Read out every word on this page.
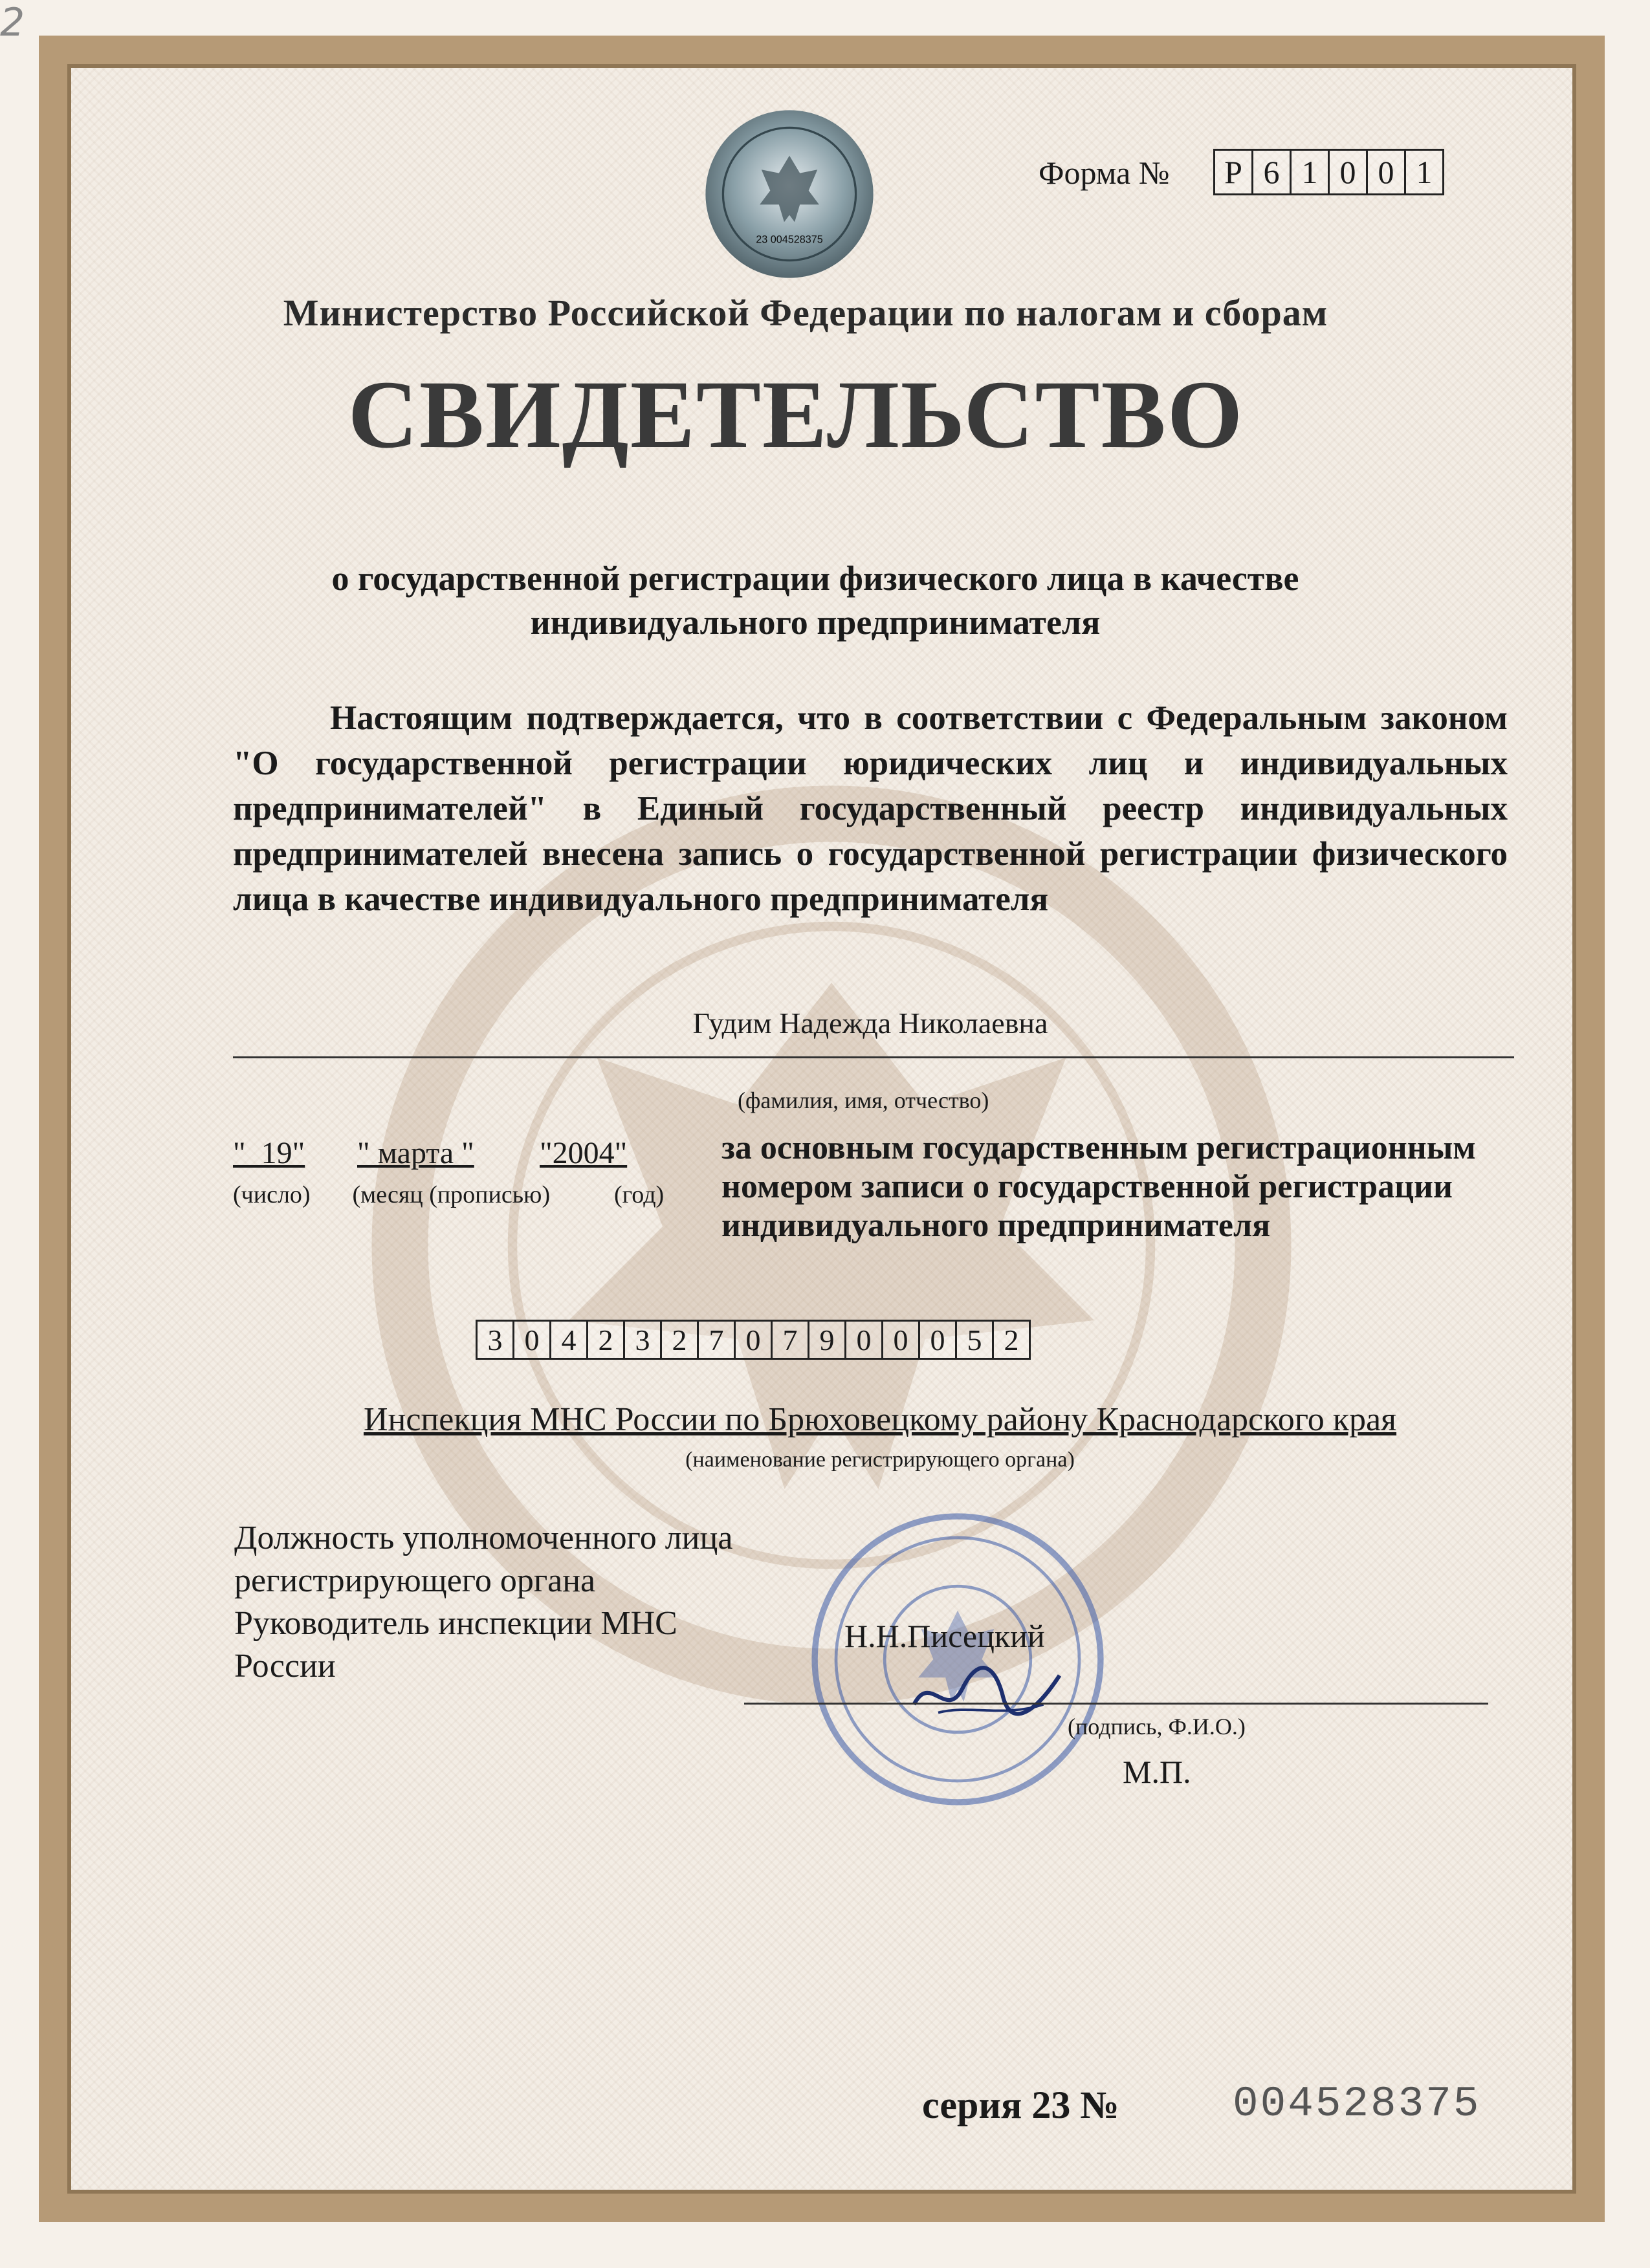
2
23 004528375
Форма №	Р 6 1 0 0 1
Министерство Российской Федерации по налогам и сборам
СВИДЕТЕЛЬСТВО
о государственной регистрации физического лица в качестве
индивидуального предпринимателя
Настоящим подтверждается, что в соответствии с Федеральным законом "О государственной регистрации юридических лиц и индивидуальных предпринимателей" в Единый государственный реестр индивидуальных предпринимателей внесена запись о государственной регистрации физического лица в качестве индивидуального предпринимателя
Гудим Надежда Николаевна
(фамилия, имя, отчество)
"_19" " марта " "2004"
(число) (месяц (прописью)	(год)
за основным государственным регистрационным номером записи о государственной регистрации индивидуального предпринимателя
3 0 4 2 3 2 7 0 7 9 0 0 0 5 2
Инспекция МНС России по Брюховецкому району Краснодарского края
(наименование регистрирующего органа)
Должность уполномоченного лица
регистрирующего органа
Руководитель инспекции МНС
России
Н.Н.Писецкий
(подпись, Ф.И.О.)
М.П.
серия 23 №	004528375
